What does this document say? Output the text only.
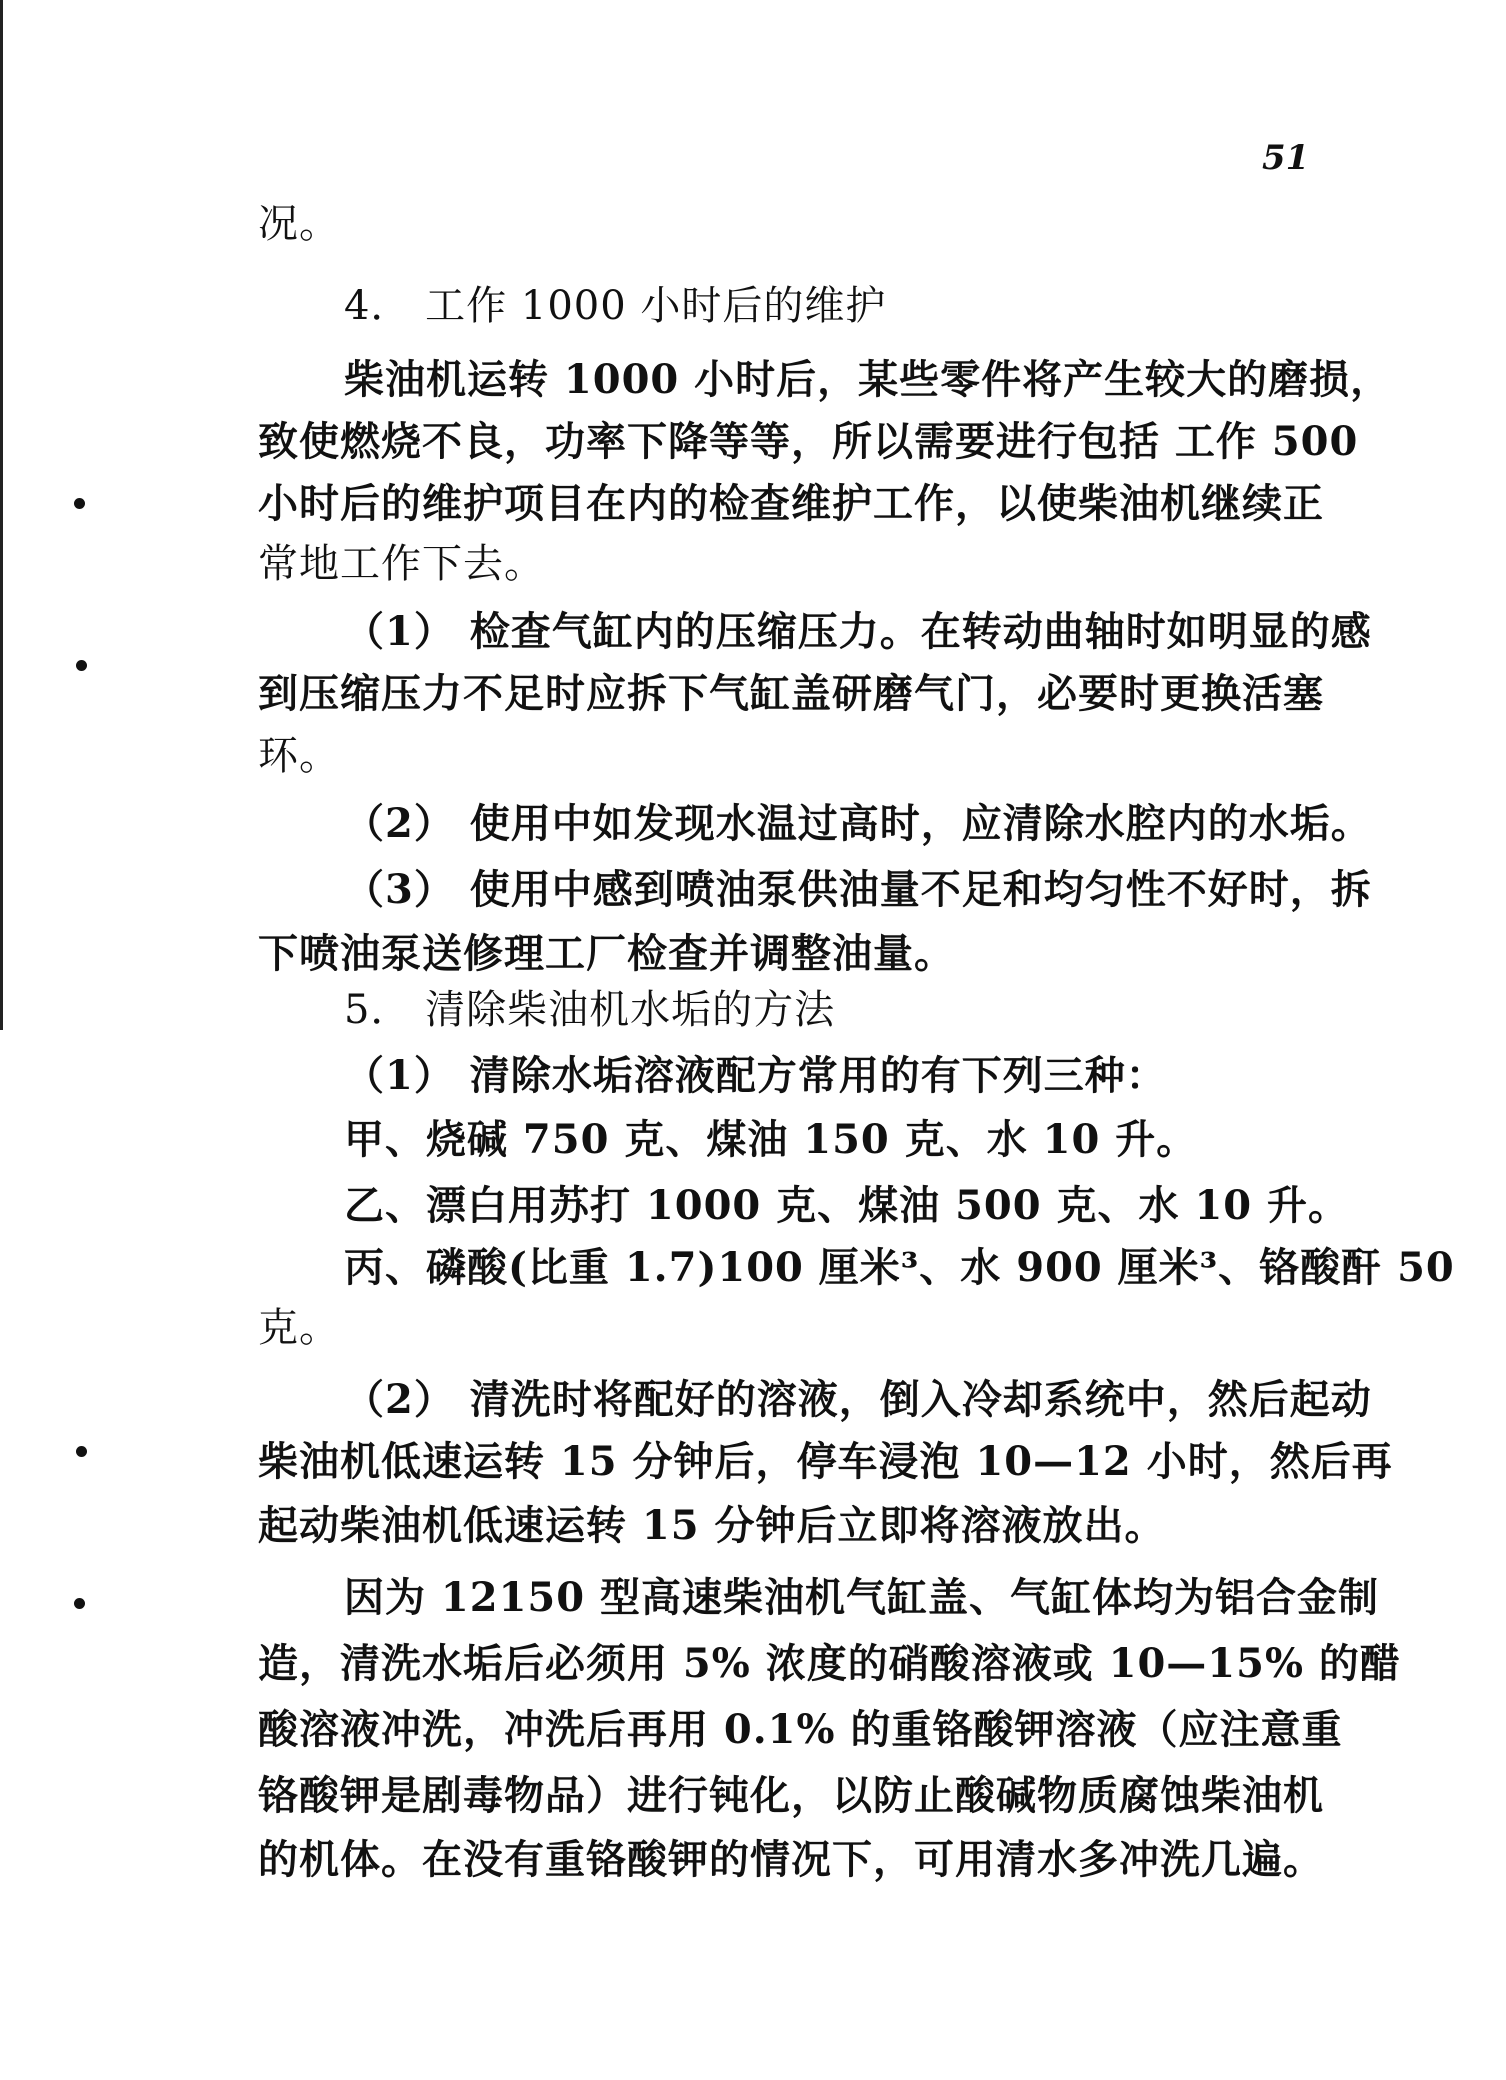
51
况。
4． 工作 1000 小时后的维护
柴油机运转 1000 小时后，某些零件将产生较大的磨损，
致使燃烧不良，功率下降等等，所以需要进行包括 工作 500
小时后的维护项目在内的检查维护工作，以使柴油机继续正
常地工作下去。
（1） 检查气缸内的压缩压力。在转动曲轴时如明显的感
到压缩压力不足时应拆下气缸盖研磨气门，必要时更换活塞
环。
（2） 使用中如发现水温过高时，应清除水腔内的水垢。
（3） 使用中感到喷油泵供油量不足和均匀性不好时，拆
下喷油泵送修理工厂检查并调整油量。
5． 清除柴油机水垢的方法
（1） 清除水垢溶液配方常用的有下列三种：
甲、烧碱 750 克、煤油 150 克、水 10 升。
乙、漂白用苏打 1000 克、煤油 500 克、水 10 升。
丙、磷酸(比重 1.7)100 厘米³、水 900 厘米³、铬酸酐 50
克。
（2） 清洗时将配好的溶液，倒入冷却系统中，然后起动
柴油机低速运转 15 分钟后，停车浸泡 10—12 小时，然后再
起动柴油机低速运转 15 分钟后立即将溶液放出。
因为 12150 型高速柴油机气缸盖、气缸体均为铝合金制
造，清洗水垢后必须用 5% 浓度的硝酸溶液或 10—15% 的醋
酸溶液冲洗，冲洗后再用 0.1% 的重铬酸钾溶液（应注意重
铬酸钾是剧毒物品）进行钝化，以防止酸碱物质腐蚀柴油机
的机体。在没有重铬酸钾的情况下，可用清水多冲洗几遍。
